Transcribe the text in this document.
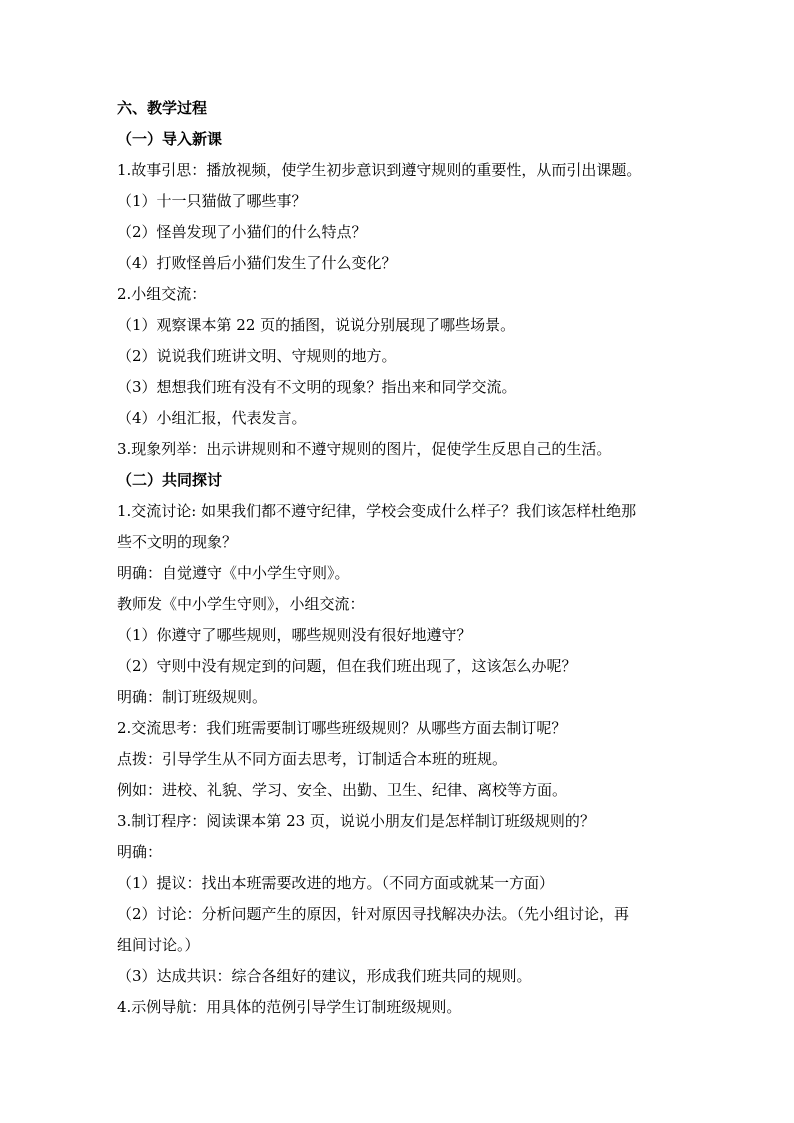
六、教学过程
（一）导入新课
1.故事引思：播放视频，使学生初步意识到遵守规则的重要性，从而引出课题。
（1）十一只猫做了哪些事？
（2）怪兽发现了小猫们的什么特点？
（4）打败怪兽后小猫们发生了什么变化？
2.小组交流：
（1）观察课本第 22 页的插图，说说分别展现了哪些场景。
（2）说说我们班讲文明、守规则的地方。
（3）想想我们班有没有不文明的现象？指出来和同学交流。
（4）小组汇报，代表发言。
3.现象列举：出示讲规则和不遵守规则的图片，促使学生反思自己的生活。
（二）共同探讨
1.交流讨论: 如果我们都不遵守纪律，学校会变成什么样子？我们该怎样杜绝那
些不文明的现象？
明确：自觉遵守《中小学生守则》。
教师发《中小学生守则》，小组交流：
（1）你遵守了哪些规则，哪些规则没有很好地遵守？
（2）守则中没有规定到的问题，但在我们班出现了，这该怎么办呢？
明确：制订班级规则。
2.交流思考：我们班需要制订哪些班级规则？从哪些方面去制订呢？
点拨：引导学生从不同方面去思考，订制适合本班的班规。
例如：进校、礼貌、学习、安全、出勤、卫生、纪律、离校等方面。
3.制订程序：阅读课本第 23 页，说说小朋友们是怎样制订班级规则的？
明确：
（1）提议：找出本班需要改进的地方。（不同方面或就某一方面）
（2）讨论：分析问题产生的原因，针对原因寻找解决办法。（先小组讨论，再
组间讨论。）
（3）达成共识：综合各组好的建议，形成我们班共同的规则。
4.示例导航：用具体的范例引导学生订制班级规则。
